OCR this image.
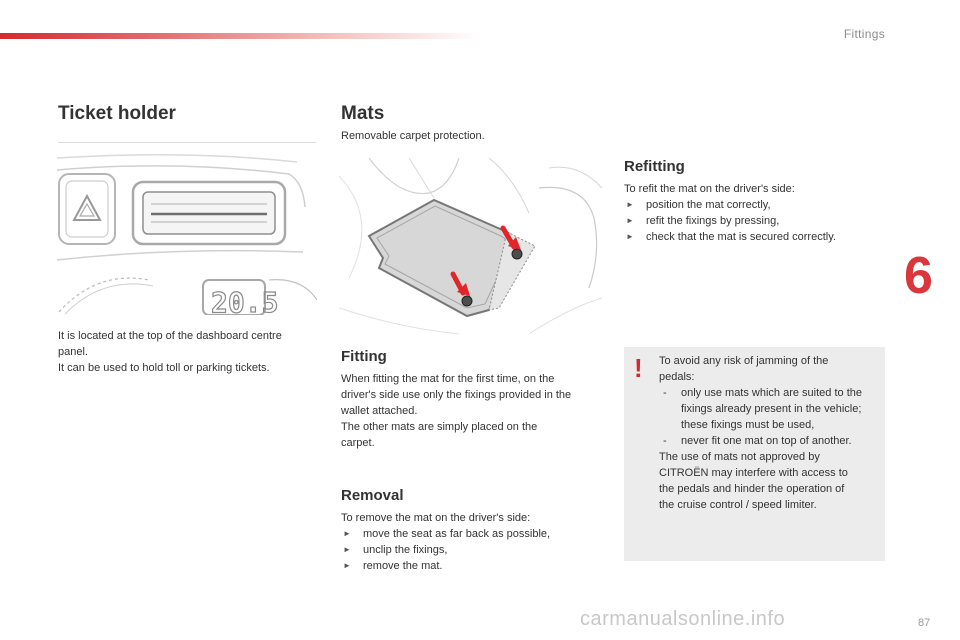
Fittings
6
Ticket holder
20.5

It is located at the top of the dashboard centre
panel.
It can be used to hold toll or parking tickets.

Mats

Removable carpet protection.

Fitting

When fitting the mat for the first time, on the
driver's side use only the fixings provided in the
wallet attached.
The other mats are simply placed on the
carpet.

Removal

To remove the mat on the driver's side:

► move the seat as far back as possible,
► unclip the fixings,
► remove the mat.
Refitting

To refit the mat on the driver's side:

► position the mat correctly,
► refit the fixings by pressing,
► check that the mat is secured correctly.
! To avoid any risk of jamming of the
pedals:

- only use mats which are suited to the fixings already present in the vehicle; these fixings must be used,
- never fit one mat on top of another.

The use of mats not approved by
CITROËN may interfere with access to
the pedals and hinder the operation of
the cruise control / speed limiter.

carmanualsonline.info	87
